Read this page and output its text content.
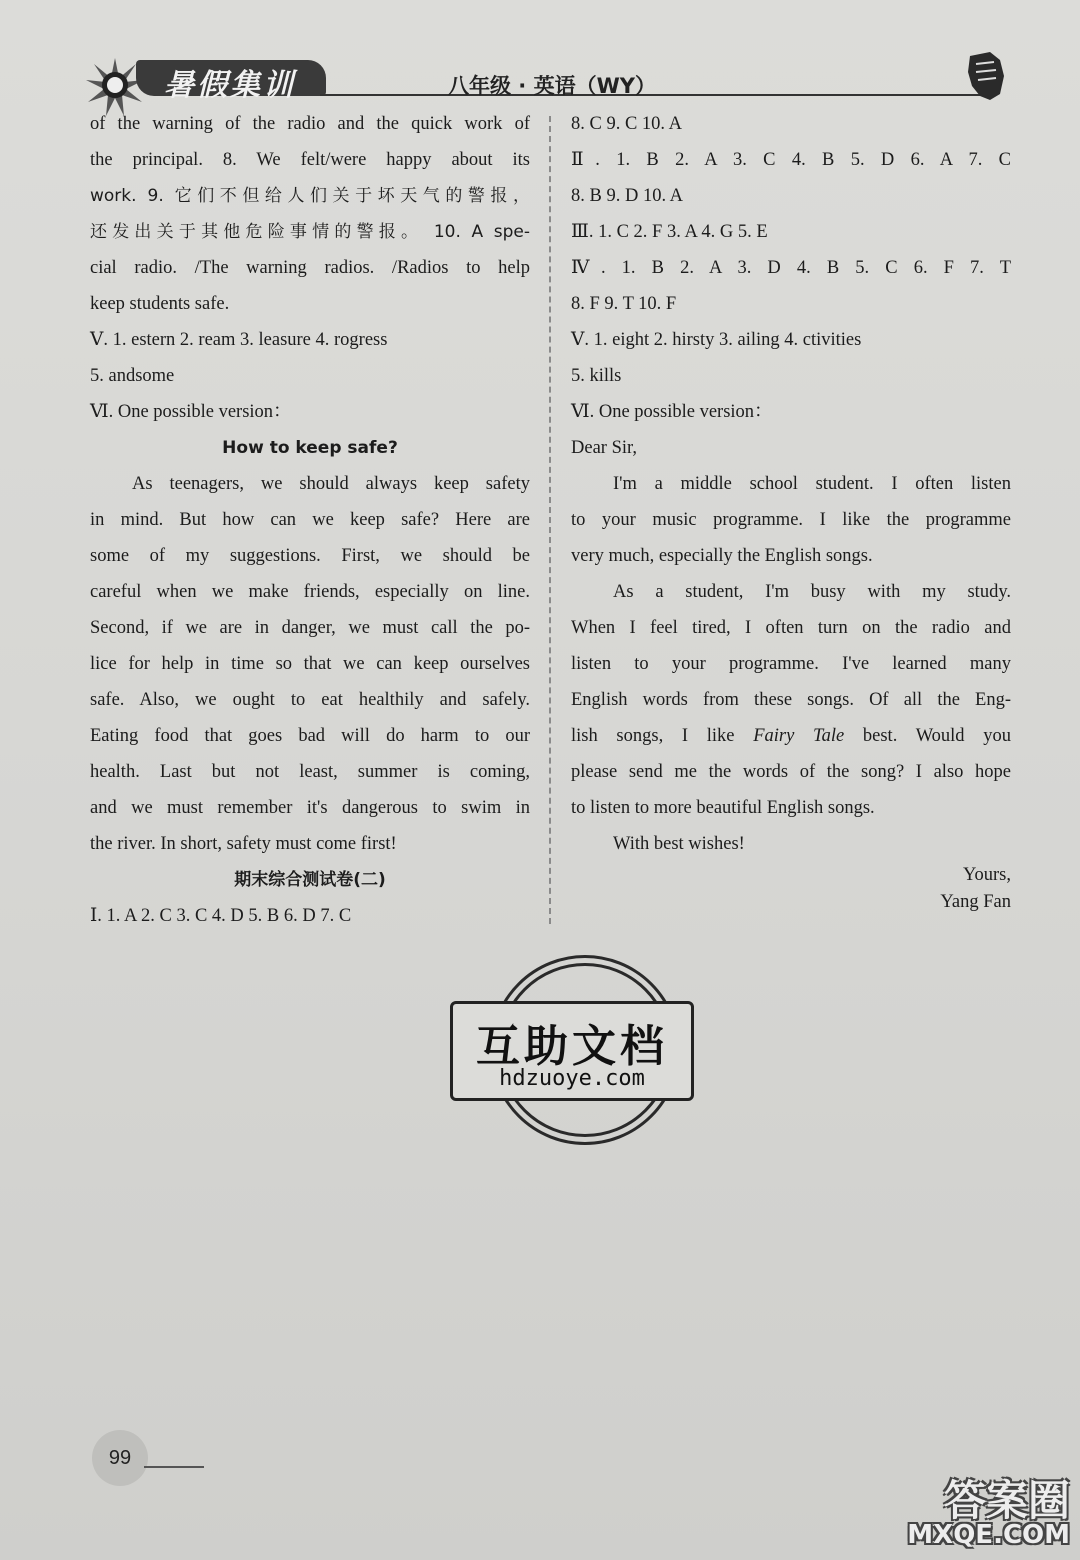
暑假集训	八年级 · 英语（WY）
of the warning of the radio and the quick work of
the principal. 8. We felt/were happy about its
work. 9. 它们不但给人们关于坏天气的警报，
还发出关于其他危险事情的警报。 10. A spe-
cial radio. /The warning radios. /Radios to help
keep students safe.
Ⅴ. 1. estern 2. ream 3. leasure 4. rogress
5. andsome
Ⅵ. One possible version：
How to keep safe?
As teenagers, we should always keep safety
in mind. But how can we keep safe? Here are
some of my suggestions. First, we should be
careful when we make friends, especially on line.
Second, if we are in danger, we must call the po-
lice for help in time so that we can keep ourselves
safe. Also, we ought to eat healthily and safely.
Eating food that goes bad will do harm to our
health. Last but not least, summer is coming,
and we must remember it's dangerous to swim in
the river. In short, safety must come first!
期末综合测试卷(二)
Ⅰ. 1. A 2. C 3. C 4. D 5. B 6. D 7. C
8. C 9. C 10. A
Ⅱ. 1. B 2. A 3. C 4. B 5. D 6. A 7. C
8. B 9. D 10. A
Ⅲ. 1. C 2. F 3. A 4. G 5. E
Ⅳ. 1. B 2. A 3. D 4. B 5. C 6. F 7. T
8. F 9. T 10. F
Ⅴ. 1. eight 2. hirsty 3. ailing 4. ctivities
5. kills
Ⅵ. One possible version：
Dear Sir,
I'm a middle school student. I often listen
to your music programme. I like the programme
very much, especially the English songs.
As a student, I'm busy with my study.
When I feel tired, I often turn on the radio and
listen to your programme. I've learned many
English words from these songs. Of all the Eng-
lish songs, I like Fairy Tale best. Would you
please send me the words of the song? I also hope
to listen to more beautiful English songs.
With best wishes!
Yours,
Yang Fan
互助文档
hdzuoye.com
99
答案圈
MXQE.COM
